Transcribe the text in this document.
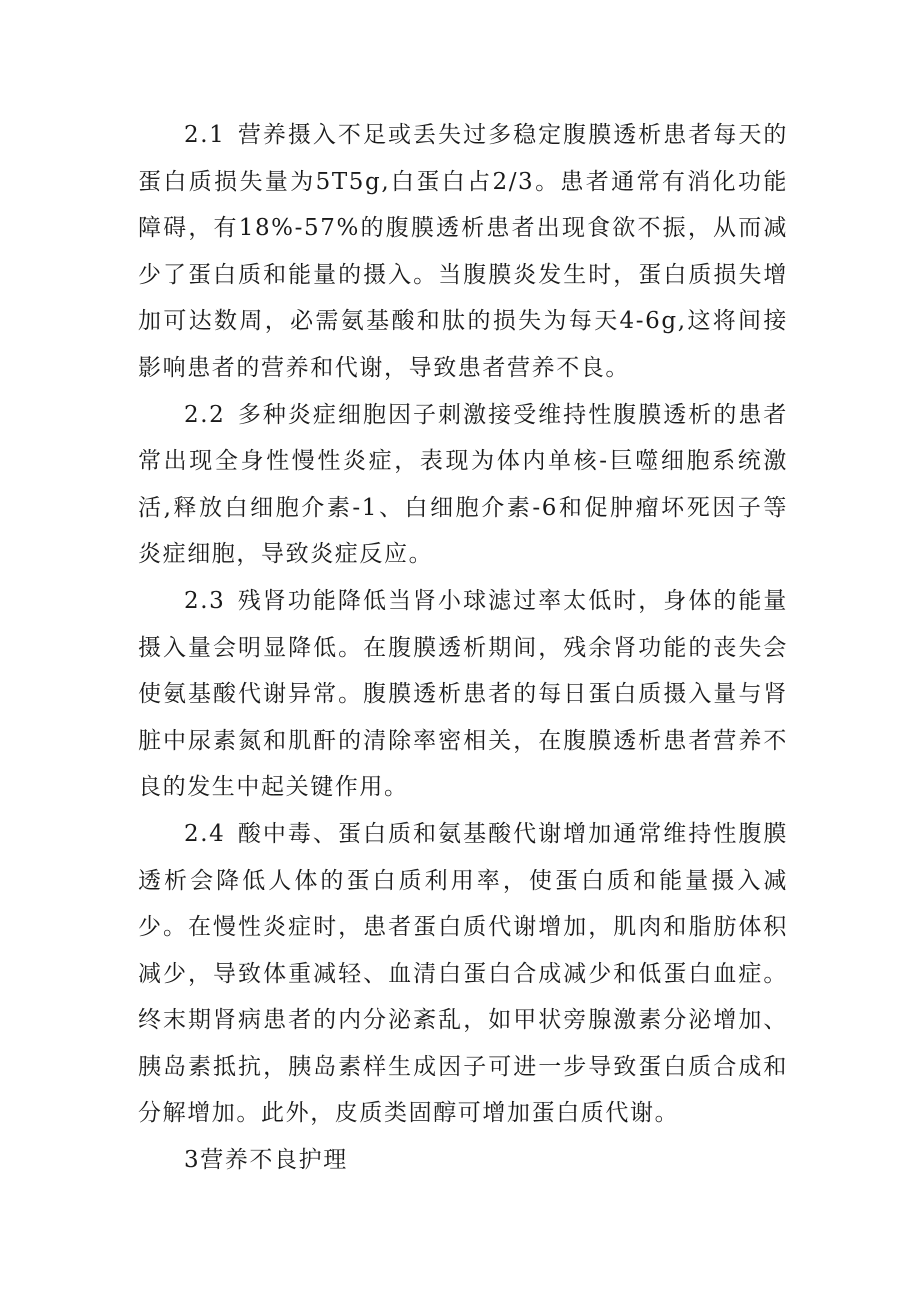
2.1 营养摄入不足或丢失过多稳定腹膜透析患者每天的蛋白质损失量为5T5g,白蛋白占2/3。患者通常有消化功能障碍，有18%-57%的腹膜透析患者出现食欲不振，从而减少了蛋白质和能量的摄入。当腹膜炎发生时，蛋白质损失增加可达数周，必需氨基酸和肽的损失为每天4-6g,这将间接影响患者的营养和代谢，导致患者营养不良。

2.2 多种炎症细胞因子刺激接受维持性腹膜透析的患者常出现全身性慢性炎症，表现为体内单核-巨噬细胞系统激活,释放白细胞介素-1、白细胞介素-6和促肿瘤坏死因子等炎症细胞，导致炎症反应。

2.3 残肾功能降低当肾小球滤过率太低时，身体的能量摄入量会明显降低。在腹膜透析期间，残余肾功能的丧失会使氨基酸代谢异常。腹膜透析患者的每日蛋白质摄入量与肾脏中尿素氮和肌酐的清除率密相关，在腹膜透析患者营养不良的发生中起关键作用。

2.4 酸中毒、蛋白质和氨基酸代谢增加通常维持性腹膜透析会降低人体的蛋白质利用率，使蛋白质和能量摄入减少。在慢性炎症时，患者蛋白质代谢增加，肌肉和脂肪体积减少，导致体重减轻、血清白蛋白合成减少和低蛋白血症。终末期肾病患者的内分泌紊乱，如甲状旁腺激素分泌增加、胰岛素抵抗，胰岛素样生成因子可进一步导致蛋白质合成和分解增加。此外，皮质类固醇可增加蛋白质代谢。

3营养不良护理
